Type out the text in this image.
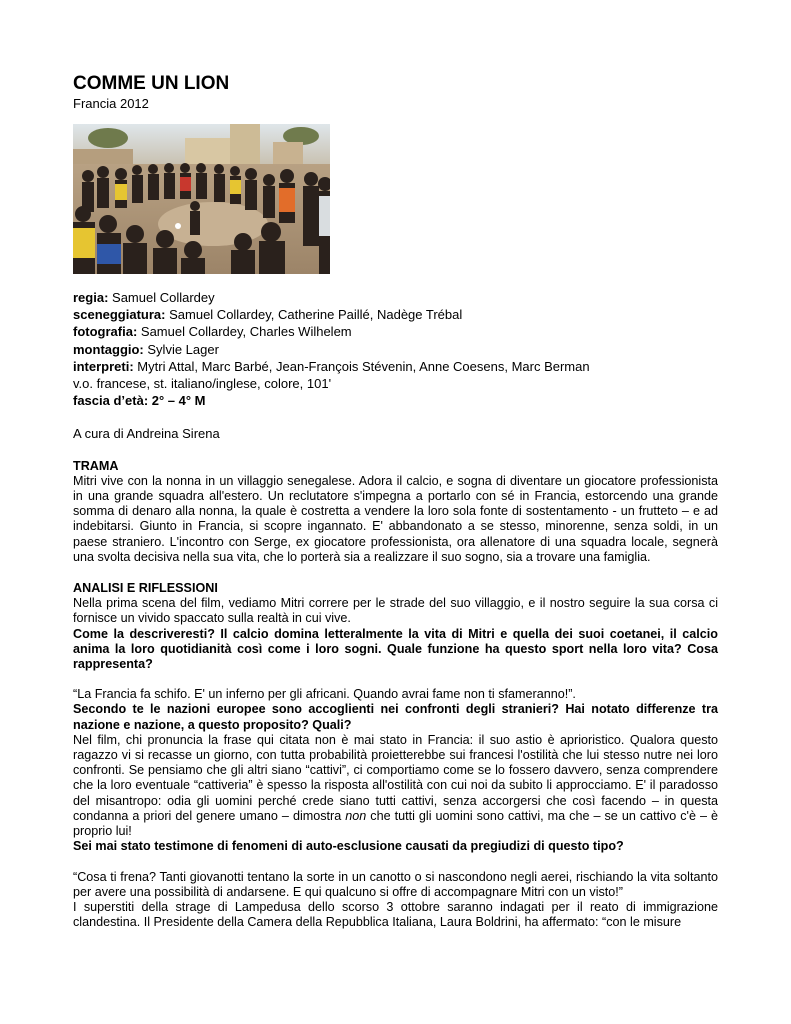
COMME UN LION
Francia 2012
regia: Samuel Collardey
sceneggiatura: Samuel Collardey, Catherine Paillé, Nadège Trébal
fotografia: Samuel Collardey, Charles Wilhelem
montaggio: Sylvie Lager
interpreti: Mytri Attal, Marc Barbé, Jean-François Stévenin, Anne Coesens, Marc Berman
v.o. francese, st. italiano/inglese, colore, 101'
fascia d’età: 2° – 4° M
A cura di Andreina Sirena

TRAMA

Mitri vive con la nonna in un villaggio senegalese. Adora il calcio, e sogna di diventare un giocatore professionista in una grande squadra all'estero. Un reclutatore s'impegna a portarlo con sé in Francia, estorcendo una grande somma di denaro alla nonna, la quale è costretta a vendere la loro sola fonte di sostentamento - un frutteto – e ad indebitarsi. Giunto in Francia, si scopre ingannato. E' abbandonato a se stesso, minorenne, senza soldi, in un paese straniero. L'incontro con Serge, ex giocatore professionista, ora allenatore di una squadra locale, segnerà una svolta decisiva nella sua vita, che lo porterà sia a realizzare il suo sogno, sia a trovare una famiglia.

ANALISI E RIFLESSIONI

Nella prima scena del film, vediamo Mitri correre per le strade del suo villaggio, e il nostro seguire la sua corsa ci fornisce un vivido spaccato sulla realtà in cui vive.

Come la descriveresti? Il calcio domina letteralmente la vita di Mitri e quella dei suoi coetanei, il calcio anima la loro quotidianità così come i loro sogni. Quale funzione ha questo sport nella loro vita? Cosa rappresenta?

“La Francia fa schifo. E' un inferno per gli africani. Quando avrai fame non ti sfameranno!”.

Secondo te le nazioni europee sono accoglienti nei confronti degli stranieri? Hai notato differenze tra nazione e nazione, a questo proposito? Quali?

Nel film, chi pronuncia la frase qui citata non è mai stato in Francia: il suo astio è aprioristico. Qualora questo ragazzo vi si recasse un giorno, con tutta probabilità proietterebbe sui francesi l'ostilità che lui stesso nutre nei loro confronti. Se pensiamo che gli altri siano “cattivi”, ci comportiamo come se lo fossero davvero, senza comprendere che la loro eventuale “cattiveria” è spesso la risposta all'ostilità con cui noi da subito li approcciamo. E' il paradosso del misantropo: odia gli uomini perché crede siano tutti cattivi, senza accorgersi che così facendo – in questa condanna a priori del genere umano – dimostra non che tutti gli uomini sono cattivi, ma che – se un cattivo c'è – è proprio lui!

Sei mai stato testimone di fenomeni di auto-esclusione causati da pregiudizi di questo tipo?

“Cosa ti frena? Tanti giovanotti tentano la sorte in un canotto o si nascondono negli aerei, rischiando la vita soltanto per avere una possibilità di andarsene. E qui qualcuno si offre di accompagnare Mitri con un visto!”

I superstiti della strage di Lampedusa dello scorso 3 ottobre saranno indagati per il reato di immigrazione clandestina. Il Presidente della Camera della Repubblica Italiana, Laura Boldrini, ha affermato: “con le misure
